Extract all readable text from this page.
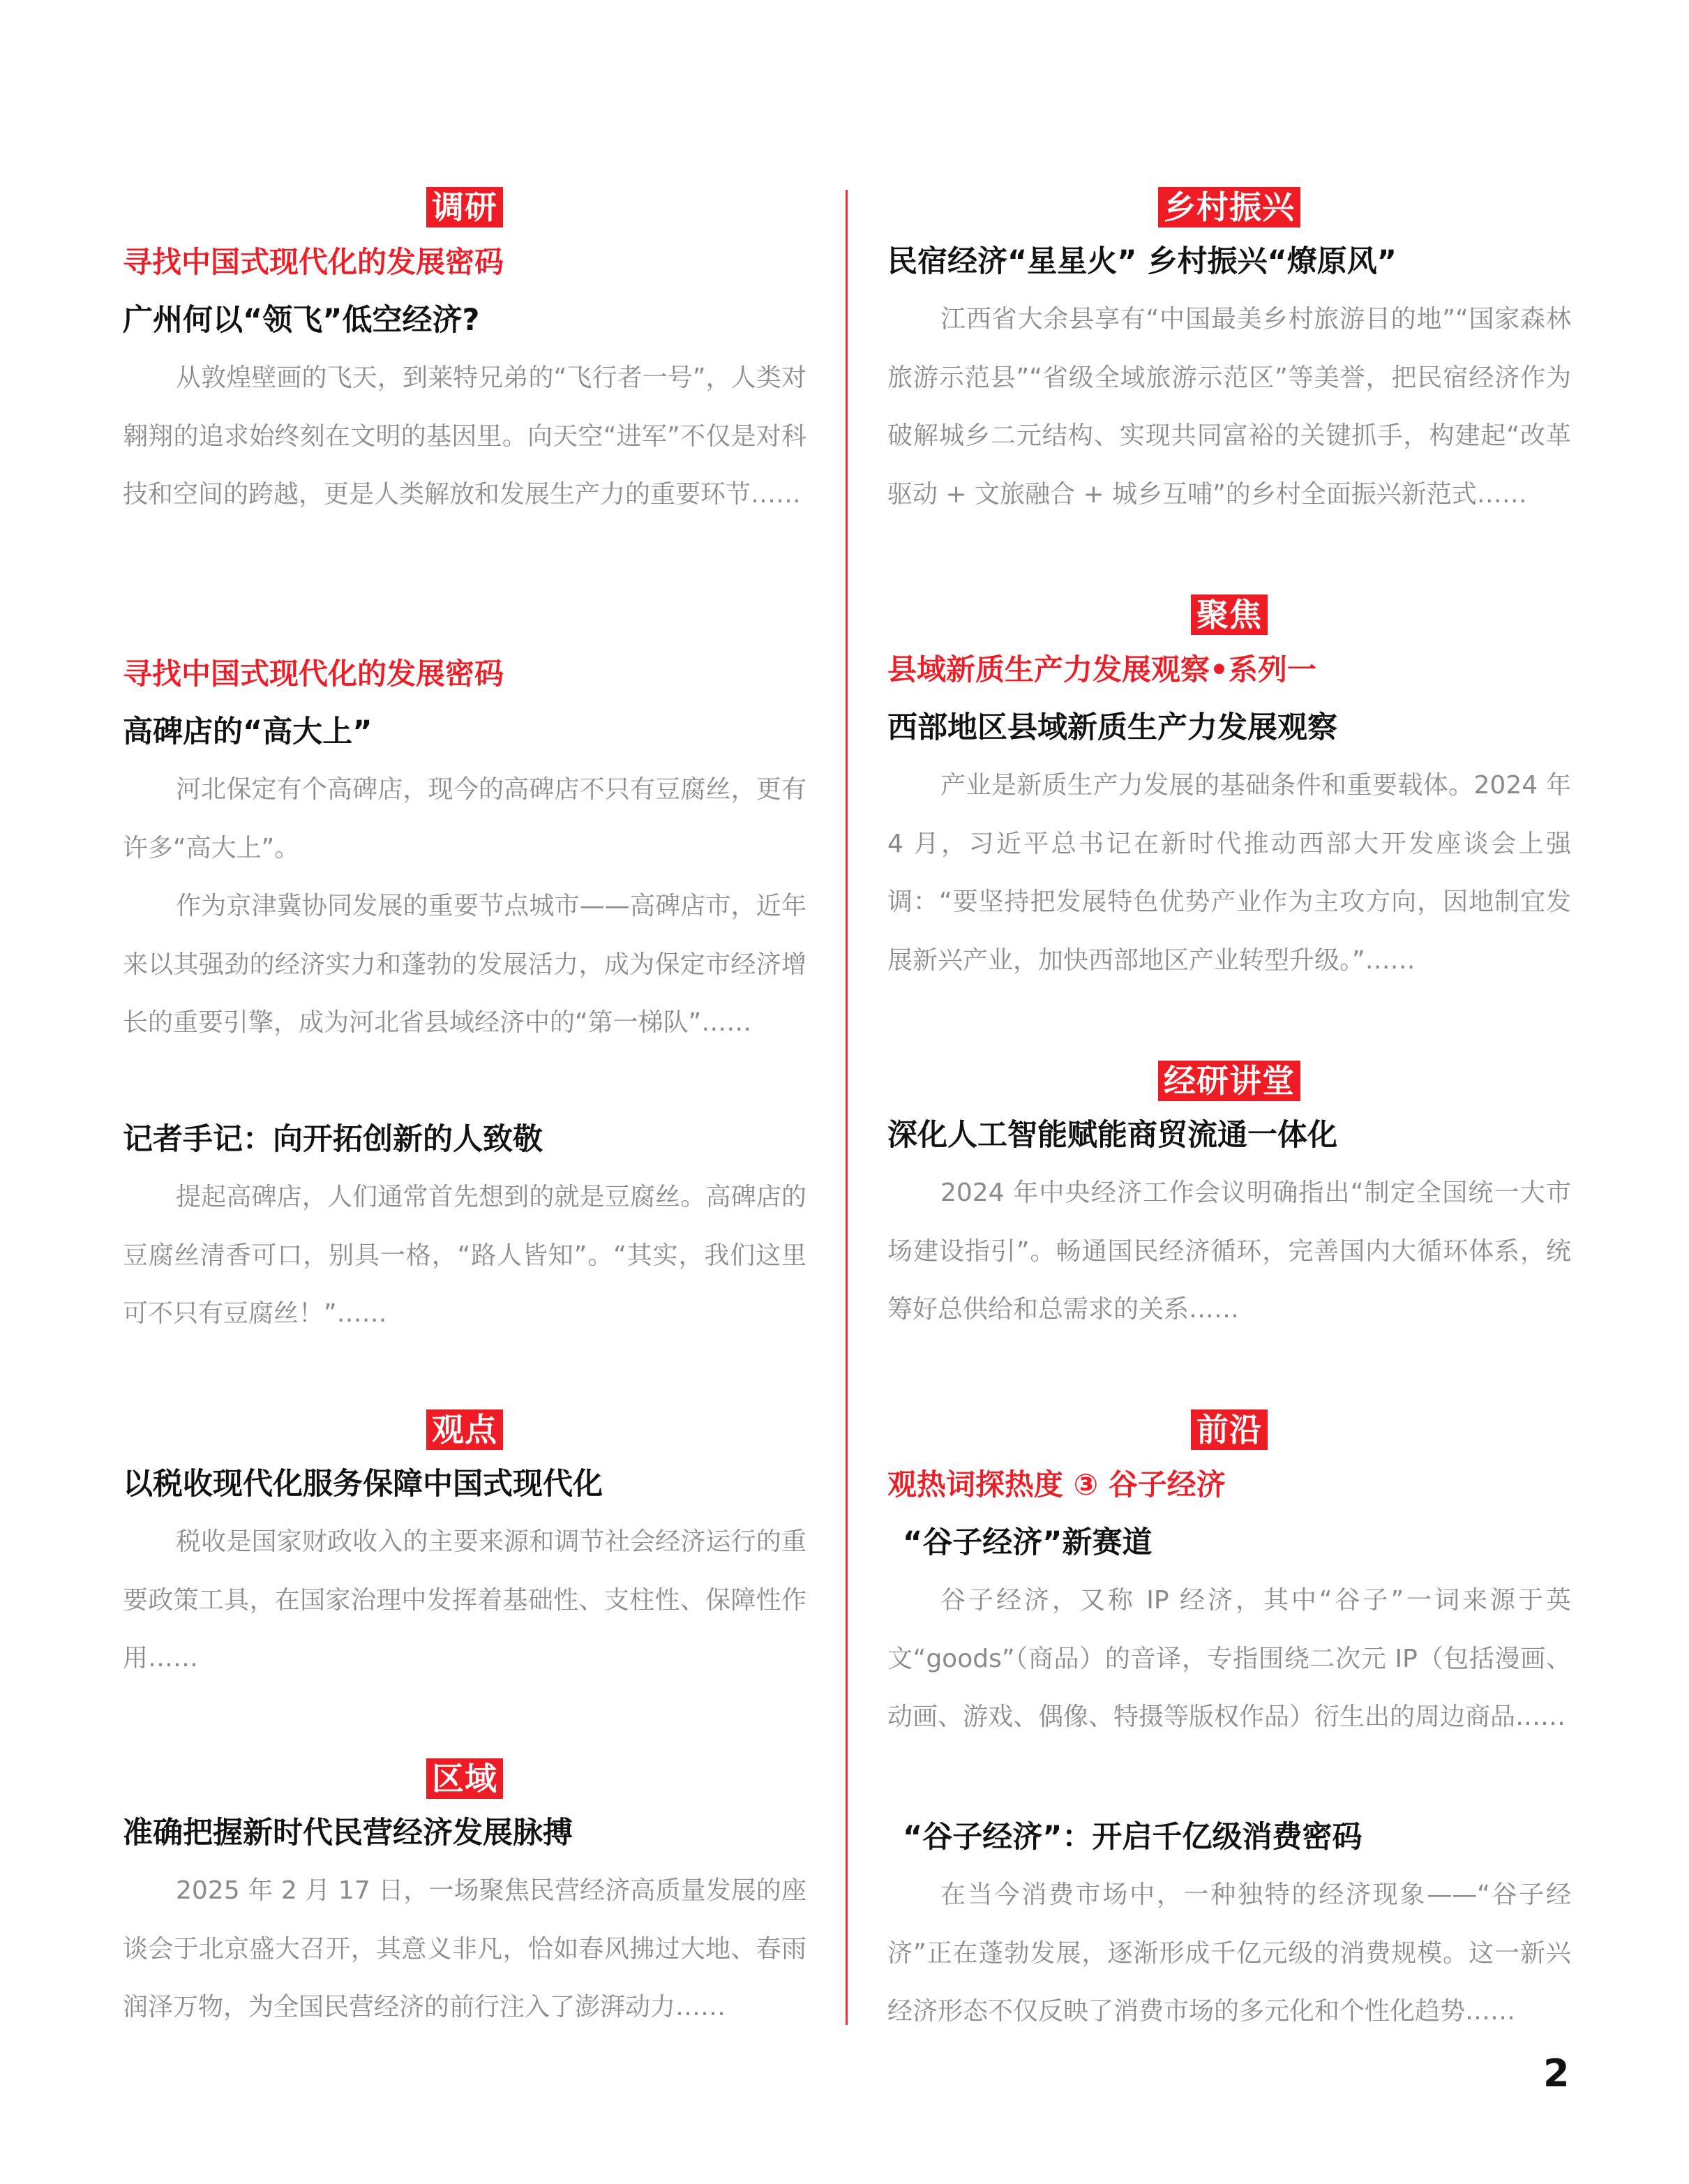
调研
寻找中国式现代化的发展密码
广州何以“领飞”低空经济?

从敦煌壁画的飞天，到莱特兄弟的“飞行者一号”，人类对翱翔的追求始终刻在文明的基因里。向天空“进军”不仅是对科技和空间的跨越，更是人类解放和发展生产力的重要环节……

寻找中国式现代化的发展密码
高碑店的“高大上”

河北保定有个高碑店，现今的高碑店不只有豆腐丝，更有许多“高大上”。

作为京津冀协同发展的重要节点城市——高碑店市，近年来以其强劲的经济实力和蓬勃的发展活力，成为保定市经济增长的重要引擎，成为河北省县域经济中的“第一梯队”……

记者手记：向开拓创新的人致敬

提起高碑店，人们通常首先想到的就是豆腐丝。高碑店的豆腐丝清香可口，别具一格，“路人皆知”。“其实，我们这里可不只有豆腐丝！”……

观点
以税收现代化服务保障中国式现代化

税收是国家财政收入的主要来源和调节社会经济运行的重要政策工具，在国家治理中发挥着基础性、支柱性、保障性作用……

区域
准确把握新时代民营经济发展脉搏

2025 年 2 月 17 日，一场聚焦民营经济高质量发展的座谈会于北京盛大召开，其意义非凡，恰如春风拂过大地、春雨润泽万物，为全国民营经济的前行注入了澎湃动力……

乡村振兴
民宿经济“星星火” 乡村振兴“燎原风”

江西省大余县享有“中国最美乡村旅游目的地”“国家森林旅游示范县”“省级全域旅游示范区”等美誉，把民宿经济作为破解城乡二元结构、实现共同富裕的关键抓手，构建起“改革驱动 + 文旅融合 + 城乡互哺”的乡村全面振兴新范式……

聚焦
县域新质生产力发展观察•系列一
西部地区县域新质生产力发展观察

产业是新质生产力发展的基础条件和重要载体。2024 年 4 月，习近平总书记在新时代推动西部大开发座谈会上强调：“要坚持把发展特色优势产业作为主攻方向，因地制宜发展新兴产业，加快西部地区产业转型升级。”……

经研讲堂
深化人工智能赋能商贸流通一体化

2024 年中央经济工作会议明确指出“制定全国统一大市场建设指引”。畅通国民经济循环，完善国内大循环体系，统筹好总供给和总需求的关系……

前沿
观热词探热度 ③ 谷子经济
“谷子经济”新赛道

谷子经济，又称 IP 经济，其中“谷子”一词来源于英文“goods”（商品）的音译，专指围绕二次元 IP（包括漫画、动画、游戏、偶像、特摄等版权作品）衍生出的周边商品……

“谷子经济”：开启千亿级消费密码

在当今消费市场中，一种独特的经济现象——“谷子经济”正在蓬勃发展，逐渐形成千亿元级的消费规模。这一新兴经济形态不仅反映了消费市场的多元化和个性化趋势……

2
